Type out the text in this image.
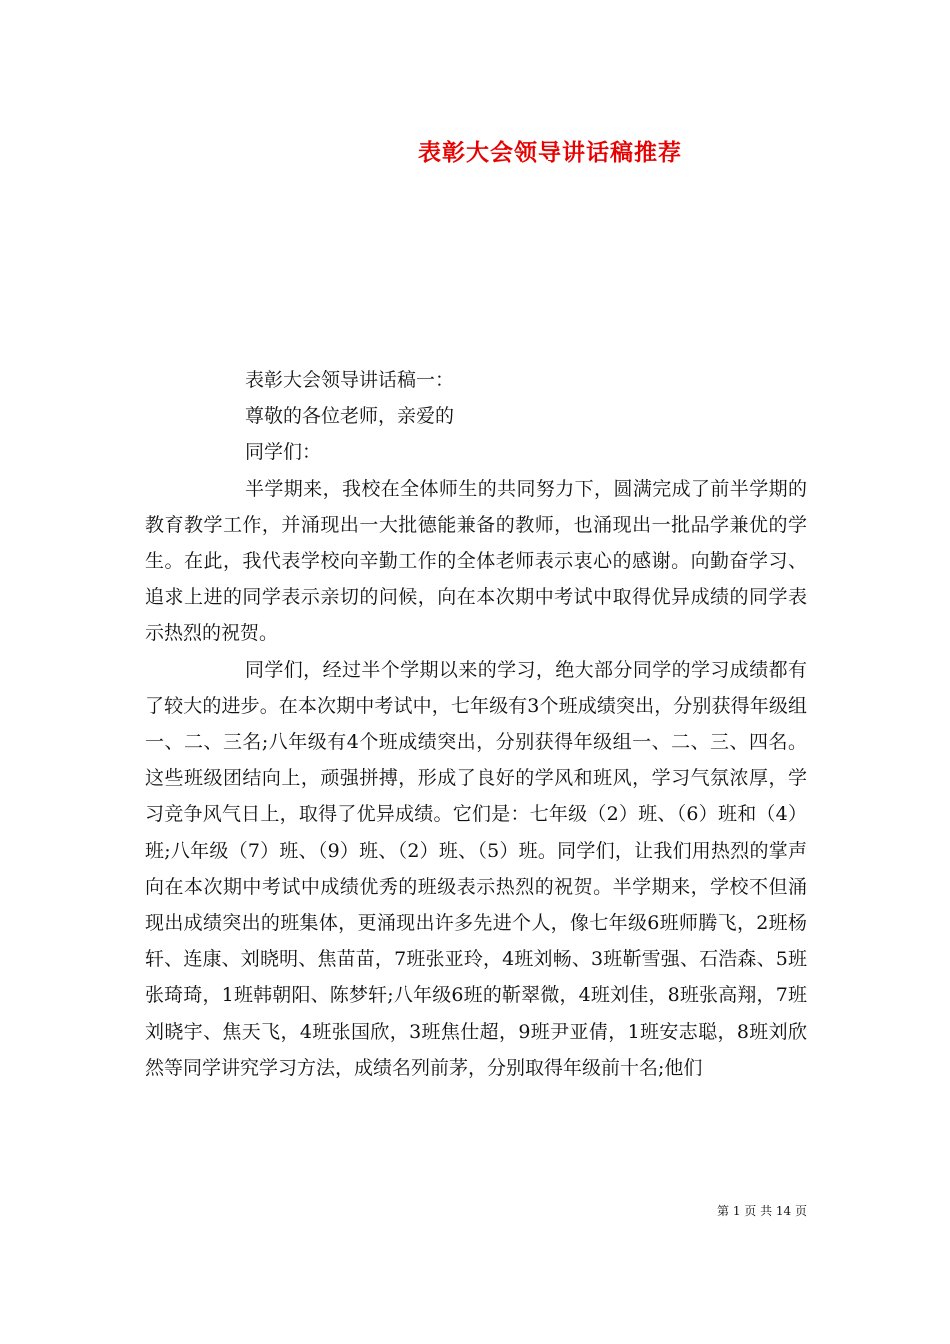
表彰大会领导讲话稿推荐

表彰大会领导讲话稿一：

尊敬的各位老师，亲爱的

同学们：

半学期来，我校在全体师生的共同努力下，圆满完成了前半学期的教育教学工作，并涌现出一大批德能兼备的教师，也涌现出一批品学兼优的学生。在此，我代表学校向辛勤工作的全体老师表示衷心的感谢。向勤奋学习、追求上进的同学表示亲切的问候，向在本次期中考试中取得优异成绩的同学表示热烈的祝贺。

同学们，经过半个学期以来的学习，绝大部分同学的学习成绩都有了较大的进步。在本次期中考试中，七年级有3个班成绩突出，分别获得年级组一、二、三名;八年级有4个班成绩突出，分别获得年级组一、二、三、四名。这些班级团结向上，顽强拼搏，形成了良好的学风和班风，学习气氛浓厚，学习竞争风气日上，取得了优异成绩。它们是：七年级（2）班、（6）班和（4）班;八年级（7）班、（9）班、（2）班、（5）班。同学们，让我们用热烈的掌声向在本次期中考试中成绩优秀的班级表示热烈的祝贺。半学期来，学校不但涌现出成绩突出的班集体，更涌现出许多先进个人，像七年级6班师腾飞，2班杨轩、连康、刘晓明、焦苗苗，7班张亚玲，4班刘畅、3班靳雪强、石浩森、5班张琦琦，1班韩朝阳、陈梦轩;八年级6班的靳翠微，4班刘佳，8班张高翔，7班刘晓宇、焦天飞，4班张国欣，3班焦仕超，9班尹亚倩，1班安志聪，8班刘欣然等同学讲究学习方法，成绩名列前茅，分别取得年级前十名;他们

第 1 页 共 14 页
